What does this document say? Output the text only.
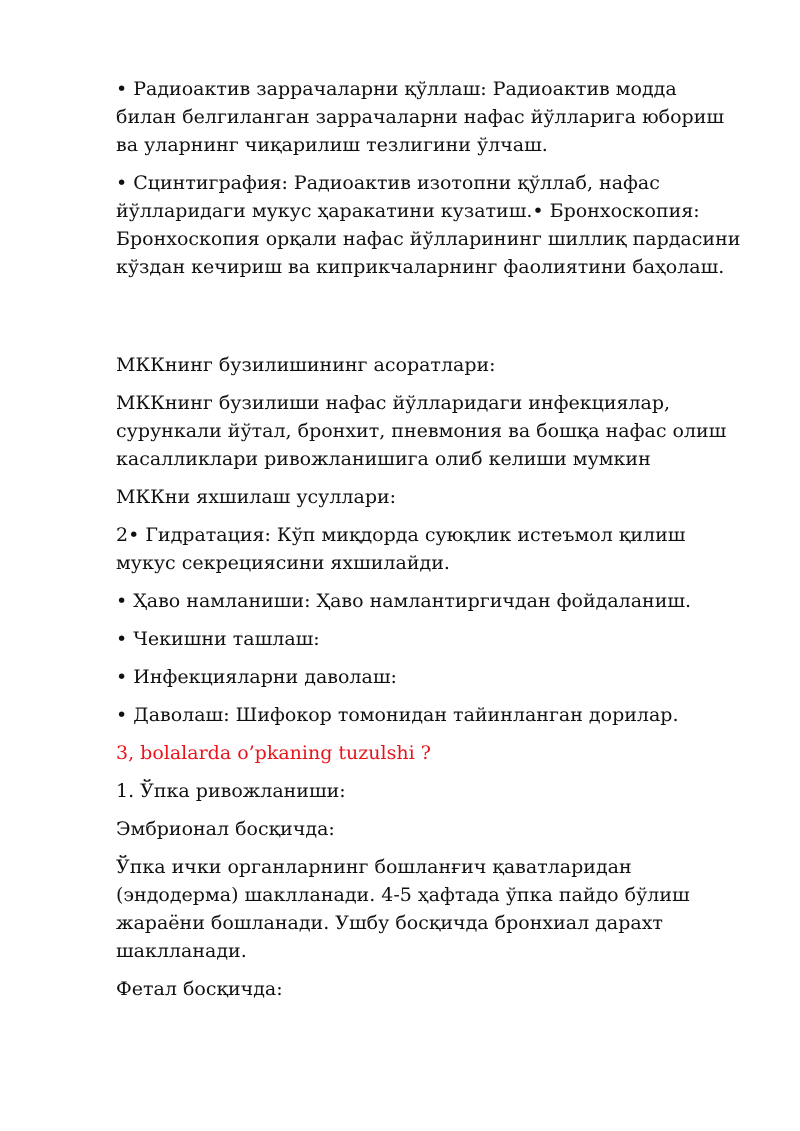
• Радиоактив заррачаларни қўллаш: Радиоактив модда билан белгиланган заррачаларни нафас йўлларига юбориш ва уларнинг чиқарилиш тезлигини ўлчаш.

• Сцинтиграфия: Радиоактив изотопни қўллаб, нафас йўлларидаги мукус ҳаракатини кузатиш.• Бронхоскопия: Бронхоскопия орқали нафас йўлларининг шиллиқ пардасини кўздан кечириш ва киприкчаларнинг фаолиятини баҳолаш.

МККнинг бузилишининг асоратлари:

МККнинг бузилиши нафас йўлларидаги инфекциялар, сурункали йўтал, бронхит, пневмония ва бошқа нафас олиш касалликлари ривожланишига олиб келиши мумкин

МККни яхшилаш усуллари:

2• Гидратация: Кўп миқдорда суюқлик истеъмол қилиш мукус секрециясини яхшилайди.

• Ҳаво намланиши: Ҳаво намлантиргичдан фойдаланиш.

• Чекишни ташлаш:

• Инфекцияларни даволаш:

• Даволаш: Шифокор томонидан тайинланган дорилар.

3, bolalarda o’pkaning tuzulshi ?

1. Ўпка ривожланиши:

Эмбрионал босқичда:

Ўпка ички органларнинг бошланғич қаватларидан (эндодерма) шаклланади. 4-5 ҳафтада ўпка пайдо бўлиш жараёни бошланади. Ушбу босқичда бронхиал дарахт шаклланади.

Фетал босқичда:
